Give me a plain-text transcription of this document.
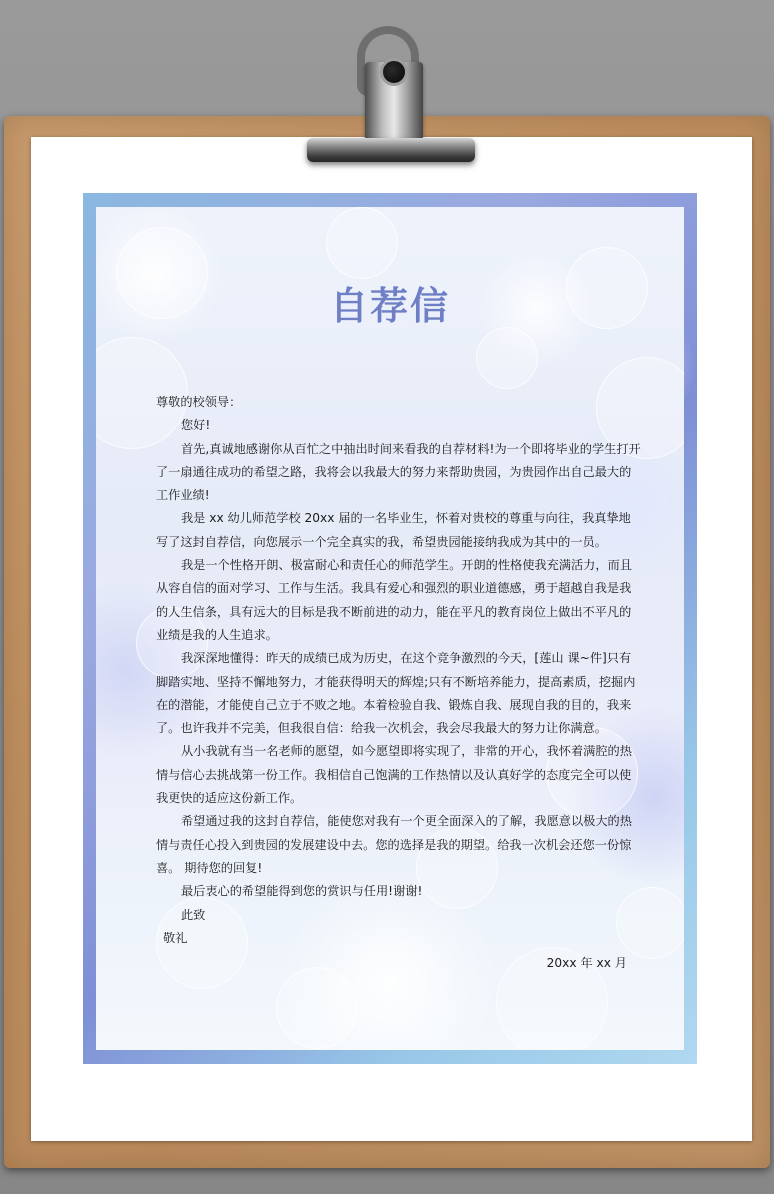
自荐信

尊敬的校领导：

您好!

首先,真诚地感谢你从百忙之中抽出时间来看我的自荐材料!为一个即将毕业的学生打开了一扇通往成功的希望之路，我将会以我最大的努力来帮助贵园，为贵园作出自己最大的工作业绩!

我是 xx 幼儿师范学校 20xx 届的一名毕业生，怀着对贵校的尊重与向往，我真挚地写了这封自荐信，向您展示一个完全真实的我，希望贵园能接纳我成为其中的一员。

我是一个性格开朗、极富耐心和责任心的师范学生。开朗的性格使我充满活力，而且从容自信的面对学习、工作与生活。我具有爱心和强烈的职业道德感，勇于超越自我是我的人生信条，具有远大的目标是我不断前进的动力，能在平凡的教育岗位上做出不平凡的业绩是我的人生追求。

我深深地懂得：昨天的成绩已成为历史，在这个竞争激烈的今天，[莲山 课~件]只有脚踏实地、坚持不懈地努力，才能获得明天的辉煌;只有不断培养能力，提高素质，挖掘内在的潜能，才能使自己立于不败之地。本着检验自我、锻炼自我、展现自我的目的，我来了。也许我并不完美，但我很自信：给我一次机会，我会尽我最大的努力让你满意。

从小我就有当一名老师的愿望，如今愿望即将实现了，非常的开心，我怀着满腔的热情与信心去挑战第一份工作。我相信自己饱满的工作热情以及认真好学的态度完全可以使我更快的适应这份新工作。

希望通过我的这封自荐信，能使您对我有一个更全面深入的了解，我愿意以极大的热情与责任心投入到贵园的发展建设中去。您的选择是我的期望。给我一次机会还您一份惊喜。 期待您的回复!

最后衷心的希望能得到您的赏识与任用!谢谢!

此致

敬礼

20xx 年 xx 月
